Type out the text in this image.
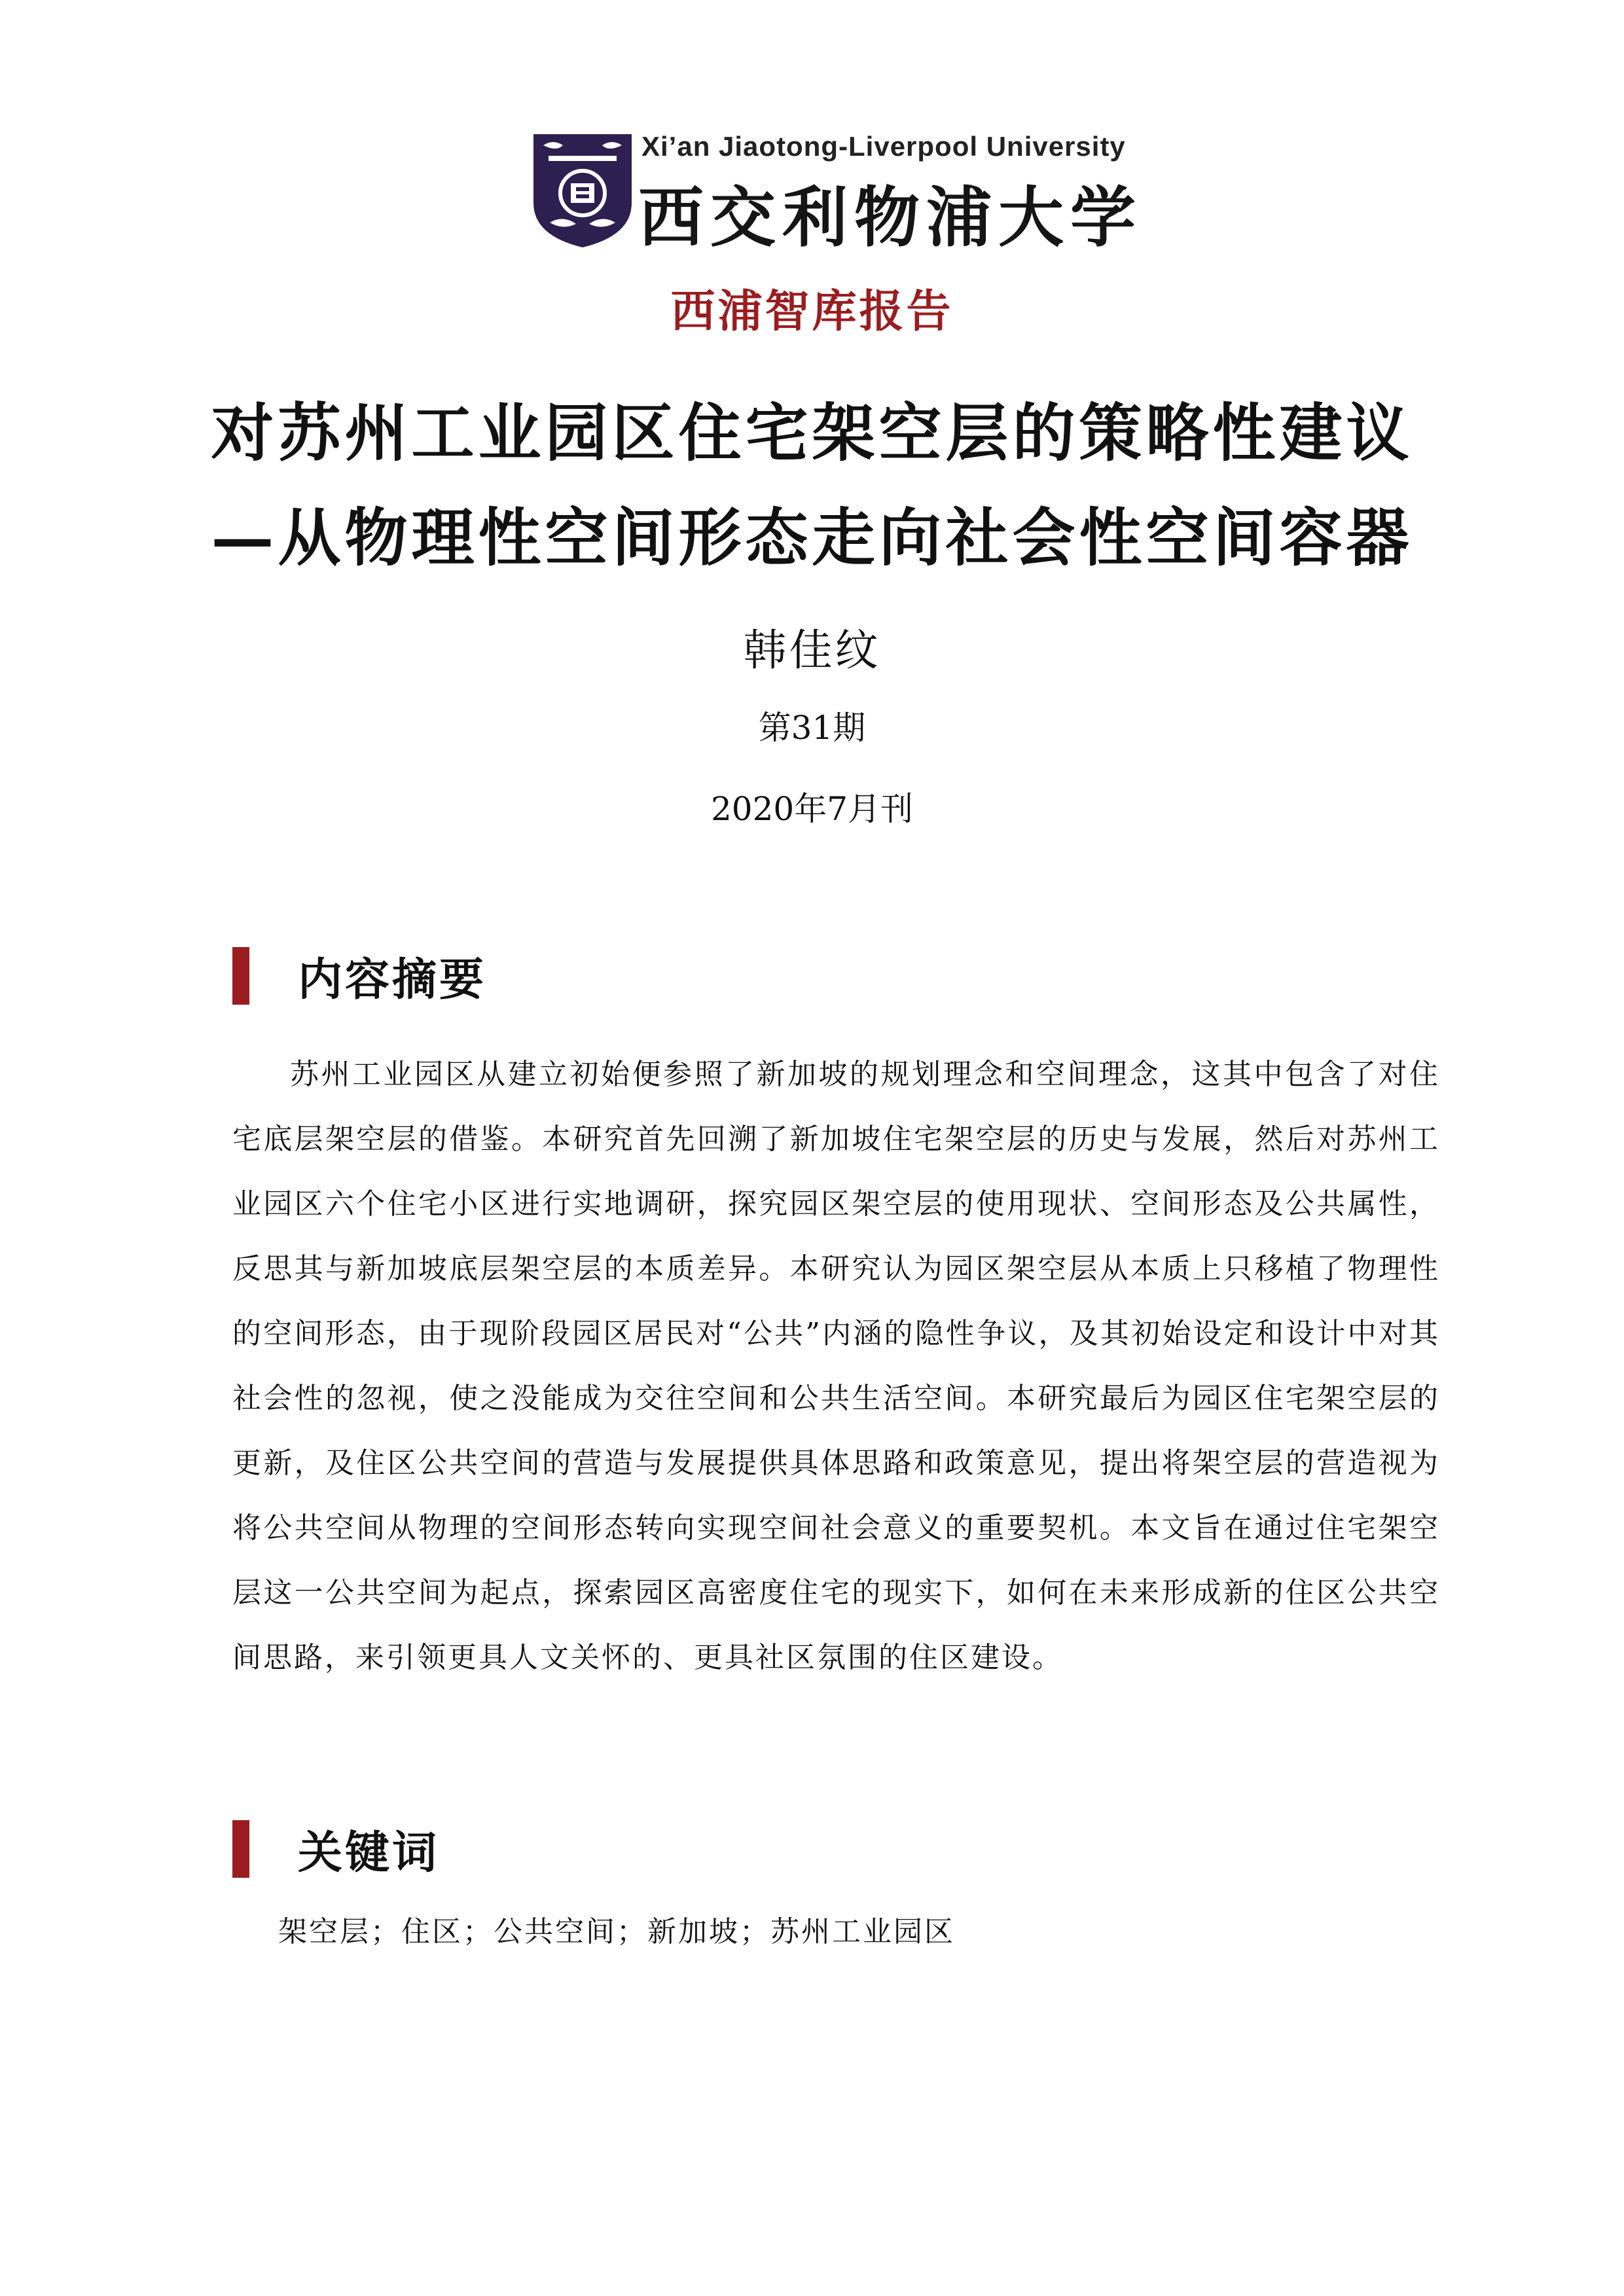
Xi’an Jiaotong-Liverpool University
西交利物浦大学
西浦智库报告
对苏州工业园区住宅架空层的策略性建议
—从物理性空间形态走向社会性空间容器
韩佳纹
第31期
2020年7月刊
内容摘要

苏州工业园区从建立初始便参照了新加坡的规划理念和空间理念，这其中包含了对住宅底层架空层的借鉴。本研究首先回溯了新加坡住宅架空层的历史与发展，然后对苏州工业园区六个住宅小区进行实地调研，探究园区架空层的使用现状、空间形态及公共属性，反思其与新加坡底层架空层的本质差异。本研究认为园区架空层从本质上只移植了物理性的空间形态，由于现阶段园区居民对“公共”内涵的隐性争议，及其初始设定和设计中对其社会性的忽视，使之没能成为交往空间和公共生活空间。本研究最后为园区住宅架空层的更新，及住区公共空间的营造与发展提供具体思路和政策意见，提出将架空层的营造视为将公共空间从物理的空间形态转向实现空间社会意义的重要契机。本文旨在通过住宅架空层这一公共空间为起点，探索园区高密度住宅的现实下，如何在未来形成新的住区公共空间思路，来引领更具人文关怀的、更具社区氛围的住区建设。

关键词
架空层；住区；公共空间；新加坡；苏州工业园区
